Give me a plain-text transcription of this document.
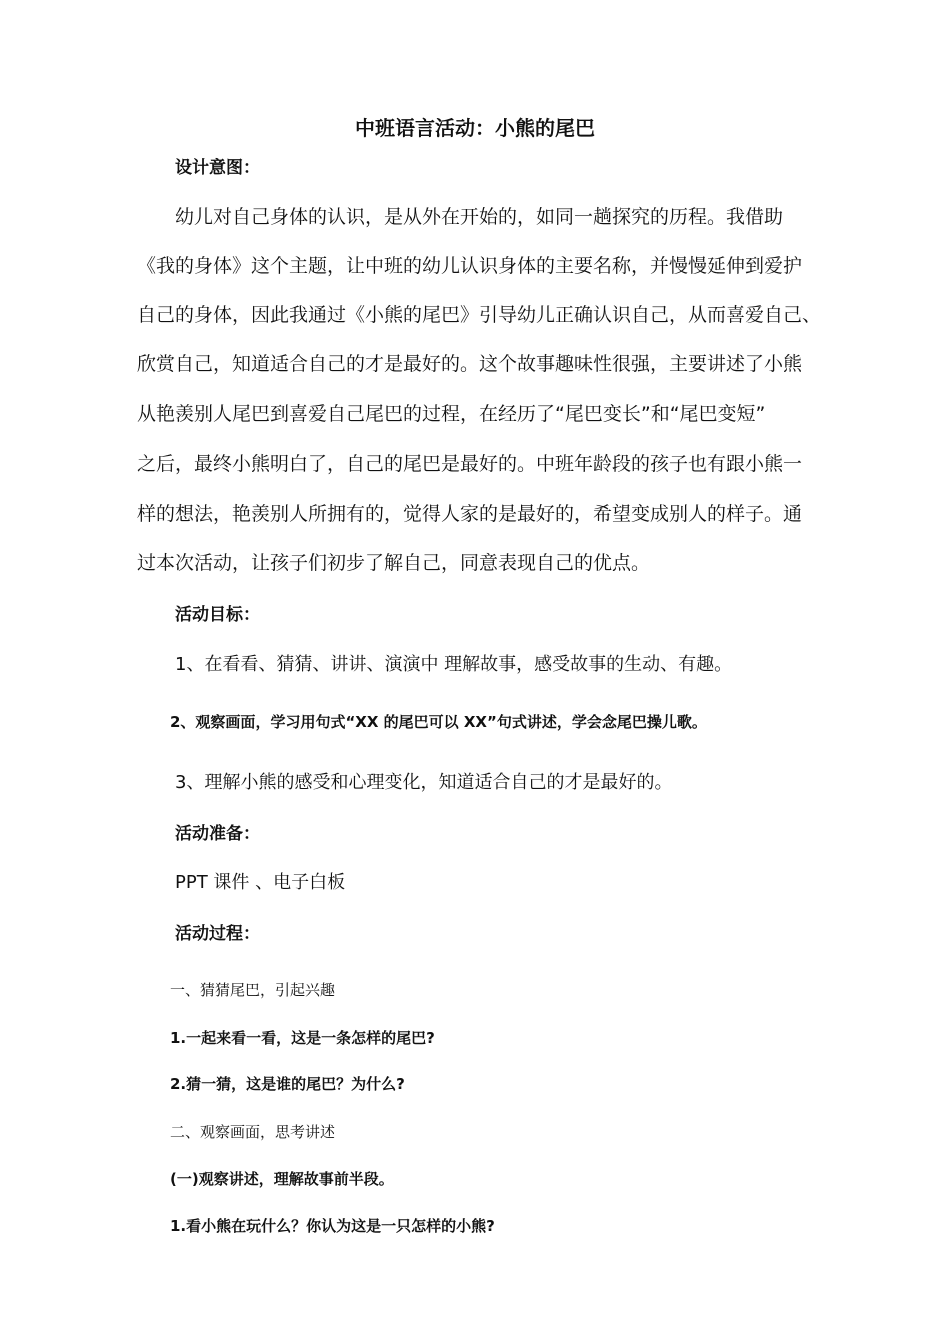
中班语言活动：小熊的尾巴

设计意图：

幼儿对自己身体的认识，是从外在开始的，如同一趟探究的历程。我借助

《我的身体》这个主题，让中班的幼儿认识身体的主要名称，并慢慢延伸到爱护

自己的身体，因此我通过《小熊的尾巴》引导幼儿正确认识自己，从而喜爱自己、

欣赏自己，知道适合自己的才是最好的。这个故事趣味性很强，主要讲述了小熊

从艳羡别人尾巴到喜爱自己尾巴的过程，在经历了“尾巴变长”和“尾巴变短”

之后，最终小熊明白了，自己的尾巴是最好的。中班年龄段的孩子也有跟小熊一

样的想法，艳羡别人所拥有的，觉得人家的是最好的，希望变成别人的样子。通

过本次活动，让孩子们初步了解自己，同意表现自己的优点。

活动目标：

1、在看看、猜猜、讲讲、演演中 理解故事，感受故事的生动、有趣。

2、观察画面，学习用句式“XX 的尾巴可以 XX”句式讲述，学会念尾巴操儿歌。

3、理解小熊的感受和心理变化，知道适合自己的才是最好的。

活动准备：

PPT 课件 、电子白板

活动过程：

一、猜猜尾巴，引起兴趣

1.一起来看一看，这是一条怎样的尾巴?

2.猜一猜，这是谁的尾巴？为什么?

二、观察画面，思考讲述

(一)观察讲述，理解故事前半段。

1.看小熊在玩什么？你认为这是一只怎样的小熊?
